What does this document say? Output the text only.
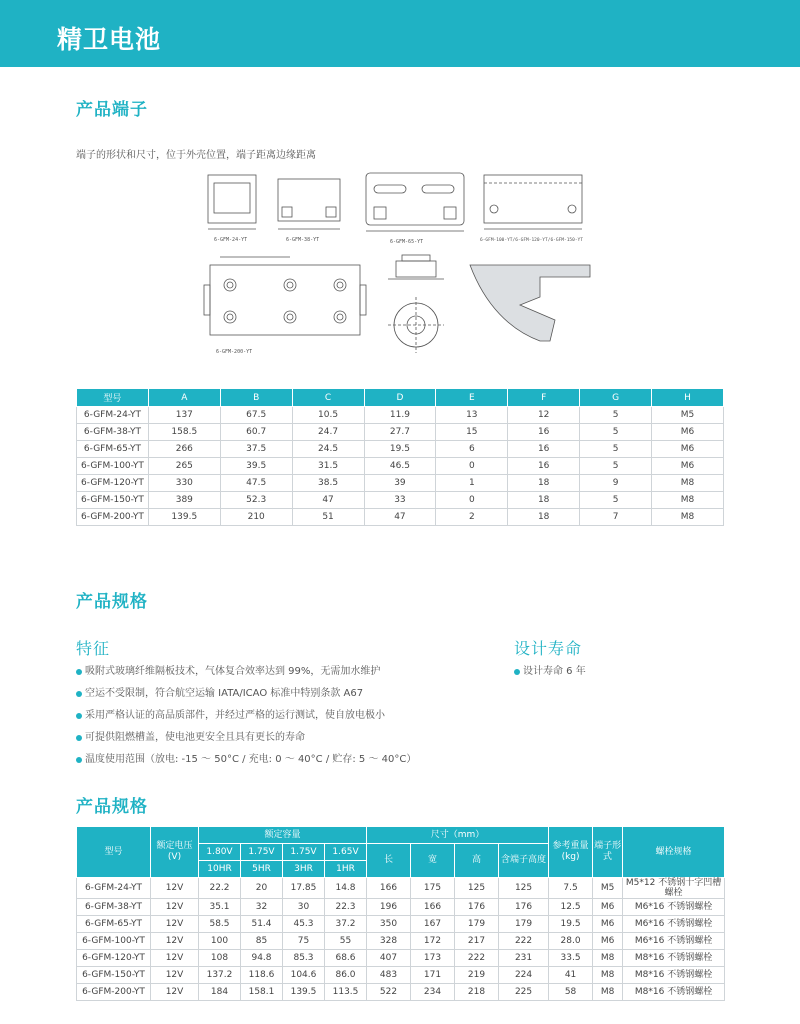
精卫电池
产品端子
端子的形状和尺寸，位于外壳位置，端子距离边缘距离
6-GFM-24-YT	6-GFM-38-YT	6-GFM-65-YT	6-GFM-100-YT/6-GFM-120-YT/6-GFM-150-YT
6-GFM-200-YT
型号	A	B	C	D	E	F	G	H
6-GFM-24-YT	137	67.5	10.5	11.9	13	12	5	M5
6-GFM-38-YT	158.5	60.7	24.7	27.7	15	16	5	M6
6-GFM-65-YT	266	37.5	24.5	19.5	6	16	5	M6
6-GFM-100-YT	265	39.5	31.5	46.5	0	16	5	M6
6-GFM-120-YT	330	47.5	38.5	39	1	18	9	M8
6-GFM-150-YT	389	52.3	47	33	0	18	5	M8
6-GFM-200-YT	139.5	210	51	47	2	18	7	M8
产品规格
特征
吸附式玻璃纤维隔板技术，气体复合效率达到 99%，无需加水维护
空运不受限制，符合航空运输 IATA/ICAO 标准中特别条款 A67
采用严格认证的高品质部件，并经过严格的运行测试，使自放电极小
可提供阻燃槽盖，使电池更安全且具有更长的寿命
温度使用范围（放电: -15 ～ 50°C / 充电: 0 ～ 40°C / 贮存: 5 ～ 40°C）
设计寿命
设计寿命 6 年
产品规格
型号	额定电压 (V)	额定容量				尺寸（mm）				参考重量 (kg)	端子形式	螺栓规格
		1.80V	1.75V	1.75V	1.65V	长	宽	高	含端子高度			
		10HR	5HR	3HR	1HR							
6-GFM-24-YT	12V	22.2	20	17.85	14.8	166	175	125	125	7.5	M5	M5*12 不锈钢十字凹槽螺栓
6-GFM-38-YT	12V	35.1	32	30	22.3	196	166	176	176	12.5	M6	M6*16 不锈钢螺栓
6-GFM-65-YT	12V	58.5	51.4	45.3	37.2	350	167	179	179	19.5	M6	M6*16 不锈钢螺栓
6-GFM-100-YT	12V	100	85	75	55	328	172	217	222	28.0	M6	M6*16 不锈钢螺栓
6-GFM-120-YT	12V	108	94.8	85.3	68.6	407	173	222	231	33.5	M8	M8*16 不锈钢螺栓
6-GFM-150-YT	12V	137.2	118.6	104.6	86.0	483	171	219	224	41	M8	M8*16 不锈钢螺栓
6-GFM-200-YT	12V	184	158.1	139.5	113.5	522	234	218	225	58	M8	M8*16 不锈钢螺栓
